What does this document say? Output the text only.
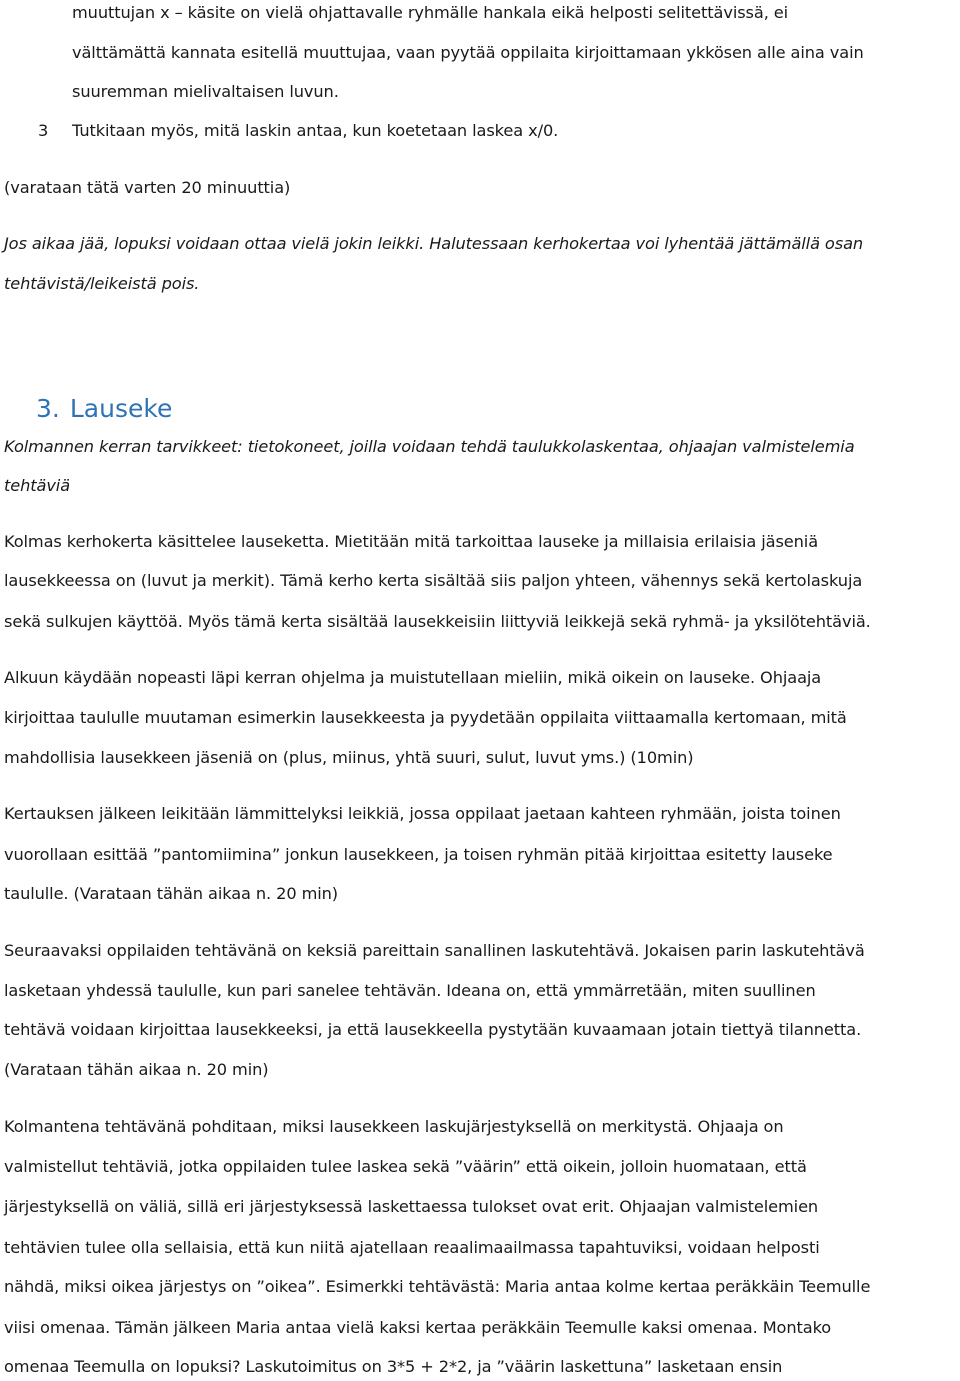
muuttujan x – käsite on vielä ohjattavalle ryhmälle hankala eikä helposti selitettävissä, ei
välttämättä kannata esitellä muuttujaa, vaan pyytää oppilaita kirjoittamaan ykkösen alle aina vain
suuremman mielivaltaisen luvun.
3 Tutkitaan myös, mitä laskin antaa, kun koetetaan laskea x/0.
(varataan tätä varten 20 minuuttia)
Jos aikaa jää, lopuksi voidaan ottaa vielä jokin leikki. Halutessaan kerhokertaa voi lyhentää jättämällä osan
tehtävistä/leikeistä pois.
3. Lauseke
Kolmannen kerran tarvikkeet: tietokoneet, joilla voidaan tehdä taulukkolaskentaa, ohjaajan valmistelemia
tehtäviä
Kolmas kerhokerta käsittelee lauseketta. Mietitään mitä tarkoittaa lauseke ja millaisia erilaisia jäseniä
lausekkeessa on (luvut ja merkit). Tämä kerho kerta sisältää siis paljon yhteen, vähennys sekä kertolaskuja
sekä sulkujen käyttöä. Myös tämä kerta sisältää lausekkeisiin liittyviä leikkejä sekä ryhmä- ja yksilötehtäviä.
Alkuun käydään nopeasti läpi kerran ohjelma ja muistutellaan mieliin, mikä oikein on lauseke. Ohjaaja
kirjoittaa taululle muutaman esimerkin lausekkeesta ja pyydetään oppilaita viittaamalla kertomaan, mitä
mahdollisia lausekkeen jäseniä on (plus, miinus, yhtä suuri, sulut, luvut yms.) (10min)
Kertauksen jälkeen leikitään lämmittelyksi leikkiä, jossa oppilaat jaetaan kahteen ryhmään, joista toinen
vuorollaan esittää ”pantomiimina” jonkun lausekkeen, ja toisen ryhmän pitää kirjoittaa esitetty lauseke
taululle. (Varataan tähän aikaa n. 20 min)
Seuraavaksi oppilaiden tehtävänä on keksiä pareittain sanallinen laskutehtävä. Jokaisen parin laskutehtävä
lasketaan yhdessä taululle, kun pari sanelee tehtävän. Ideana on, että ymmärretään, miten suullinen
tehtävä voidaan kirjoittaa lausekkeeksi, ja että lausekkeella pystytään kuvaamaan jotain tiettyä tilannetta.
(Varataan tähän aikaa n. 20 min)
Kolmantena tehtävänä pohditaan, miksi lausekkeen laskujärjestyksellä on merkitystä. Ohjaaja on
valmistellut tehtäviä, jotka oppilaiden tulee laskea sekä ”väärin” että oikein, jolloin huomataan, että
järjestyksellä on väliä, sillä eri järjestyksessä laskettaessa tulokset ovat erit. Ohjaajan valmistelemien
tehtävien tulee olla sellaisia, että kun niitä ajatellaan reaalimaailmassa tapahtuviksi, voidaan helposti
nähdä, miksi oikea järjestys on ”oikea”. Esimerkki tehtävästä: Maria antaa kolme kertaa peräkkäin Teemulle
viisi omenaa. Tämän jälkeen Maria antaa vielä kaksi kertaa peräkkäin Teemulle kaksi omenaa. Montako
omenaa Teemulla on lopuksi? Laskutoimitus on 3*5 + 2*2, ja ”väärin laskettuna” lasketaan ensin
